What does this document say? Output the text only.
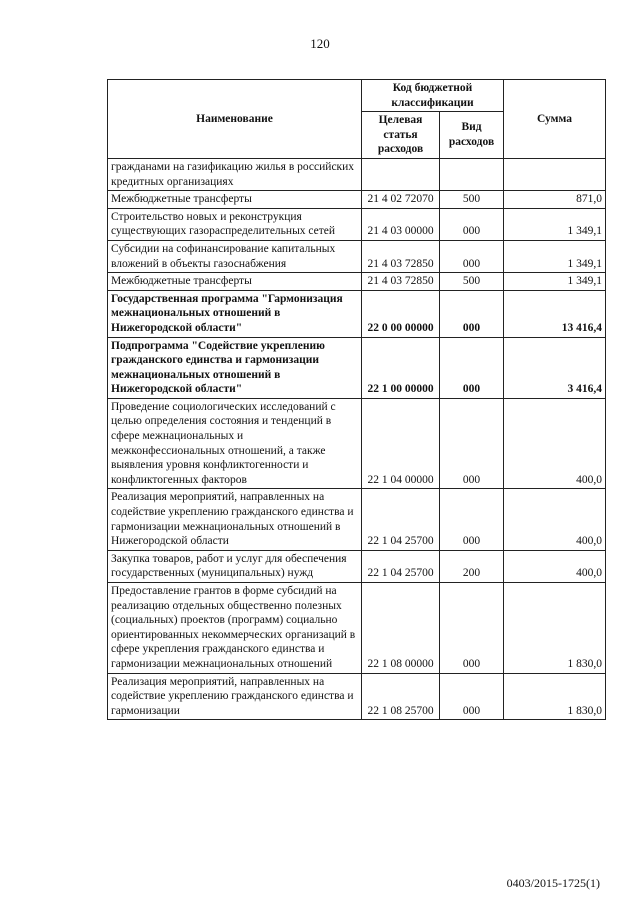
120
Наименование	Код бюджетной классификации		Сумма
	Целевая статья расходов	Вид расходов	
гражданами на газификацию жилья в российских кредитных организациях			
Межбюджетные трансферты	21 4 02 72070	500	871,0
Строительство новых и реконструкция существующих газораспределительных сетей	21 4 03 00000	000	1 349,1
Субсидии на софинансирование капитальных вложений в объекты газоснабжения	21 4 03 72850	000	1 349,1
Межбюджетные трансферты	21 4 03 72850	500	1 349,1
Государственная программа "Гармонизация межнациональных отношений в Нижегородской области"	22 0 00 00000	000	13 416,4
Подпрограмма "Содействие укреплению гражданского единства и гармонизации межнациональных отношений в Нижегородской области"	22 1 00 00000	000	3 416,4
Проведение социологических исследований с целью определения состояния и тенденций в сфере межнациональных и межконфессиональных отношений, а также выявления уровня конфликтогенности и конфликтогенных факторов	22 1 04 00000	000	400,0
Реализация мероприятий, направленных на содействие укреплению гражданского единства и гармонизации межнациональных отношений в Нижегородской области	22 1 04 25700	000	400,0
Закупка товаров, работ и услуг для обеспечения государственных (муниципальных) нужд	22 1 04 25700	200	400,0
Предоставление грантов в форме субсидий на реализацию отдельных общественно полезных (социальных) проектов (программ) социально ориентированных некоммерческих организаций в сфере укрепления гражданского единства и гармонизации межнациональных отношений	22 1 08 00000	000	1 830,0
Реализация мероприятий, направленных на содействие укреплению гражданского единства и гармонизации	22 1 08 25700	000	1 830,0
0403/2015-1725(1)
